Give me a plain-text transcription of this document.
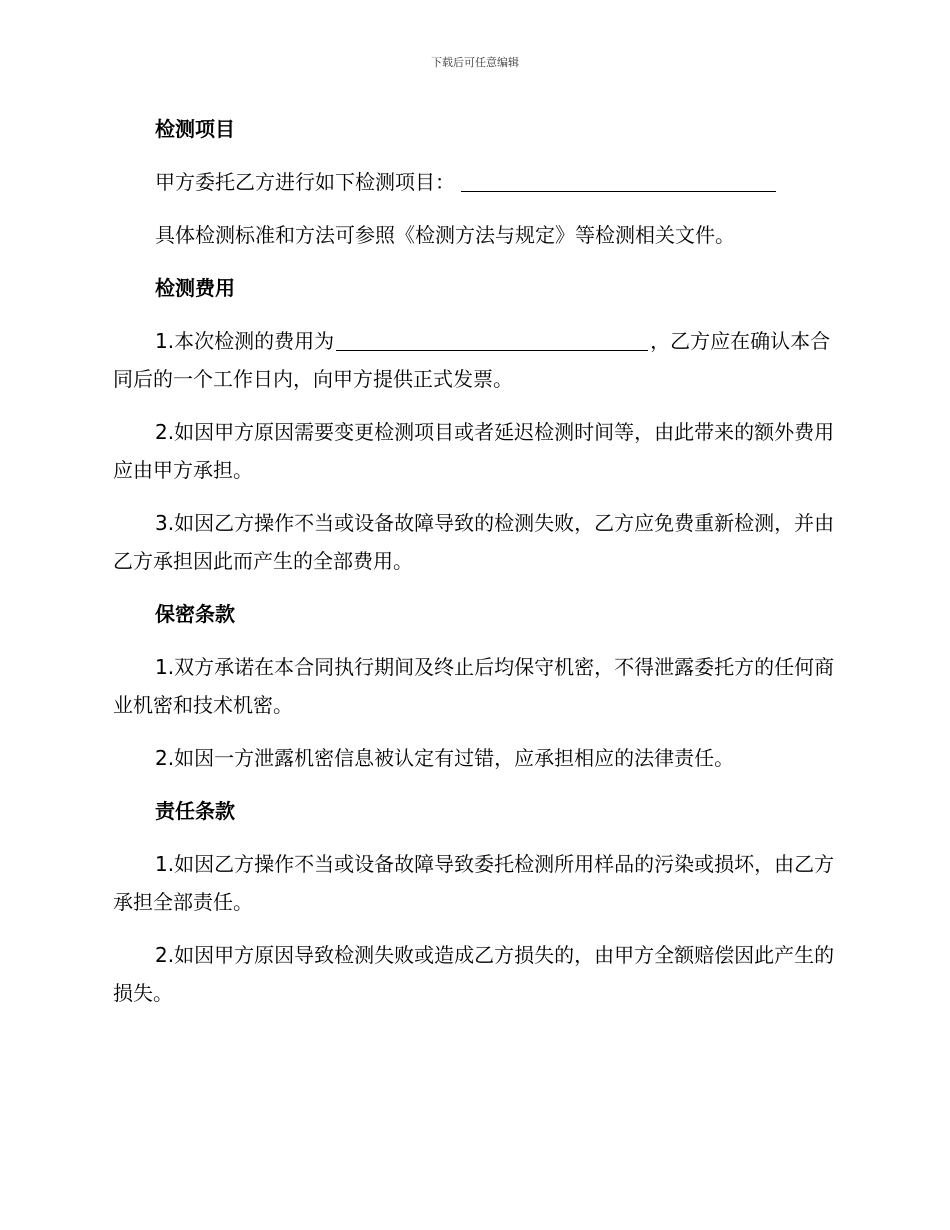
下载后可任意编辑
检测项目
甲方委托乙方进行如下检测项目：
具体检测标准和方法可参照《检测方法与规定》等检测相关文件。
检测费用
1.本次检测的费用为	，乙方应在确认本合同后的一个工作日内，向甲方提供正式发票。
2.如因甲方原因需要变更检测项目或者延迟检测时间等，由此带来的额外费用应由甲方承担。
3.如因乙方操作不当或设备故障导致的检测失败，乙方应免费重新检测，并由乙方承担因此而产生的全部费用。
保密条款
1.双方承诺在本合同执行期间及终止后均保守机密，不得泄露委托方的任何商业机密和技术机密。
2.如因一方泄露机密信息被认定有过错，应承担相应的法律责任。
责任条款
1.如因乙方操作不当或设备故障导致委托检测所用样品的污染或损坏，由乙方承担全部责任。
2.如因甲方原因导致检测失败或造成乙方损失的，由甲方全额赔偿因此产生的损失。
